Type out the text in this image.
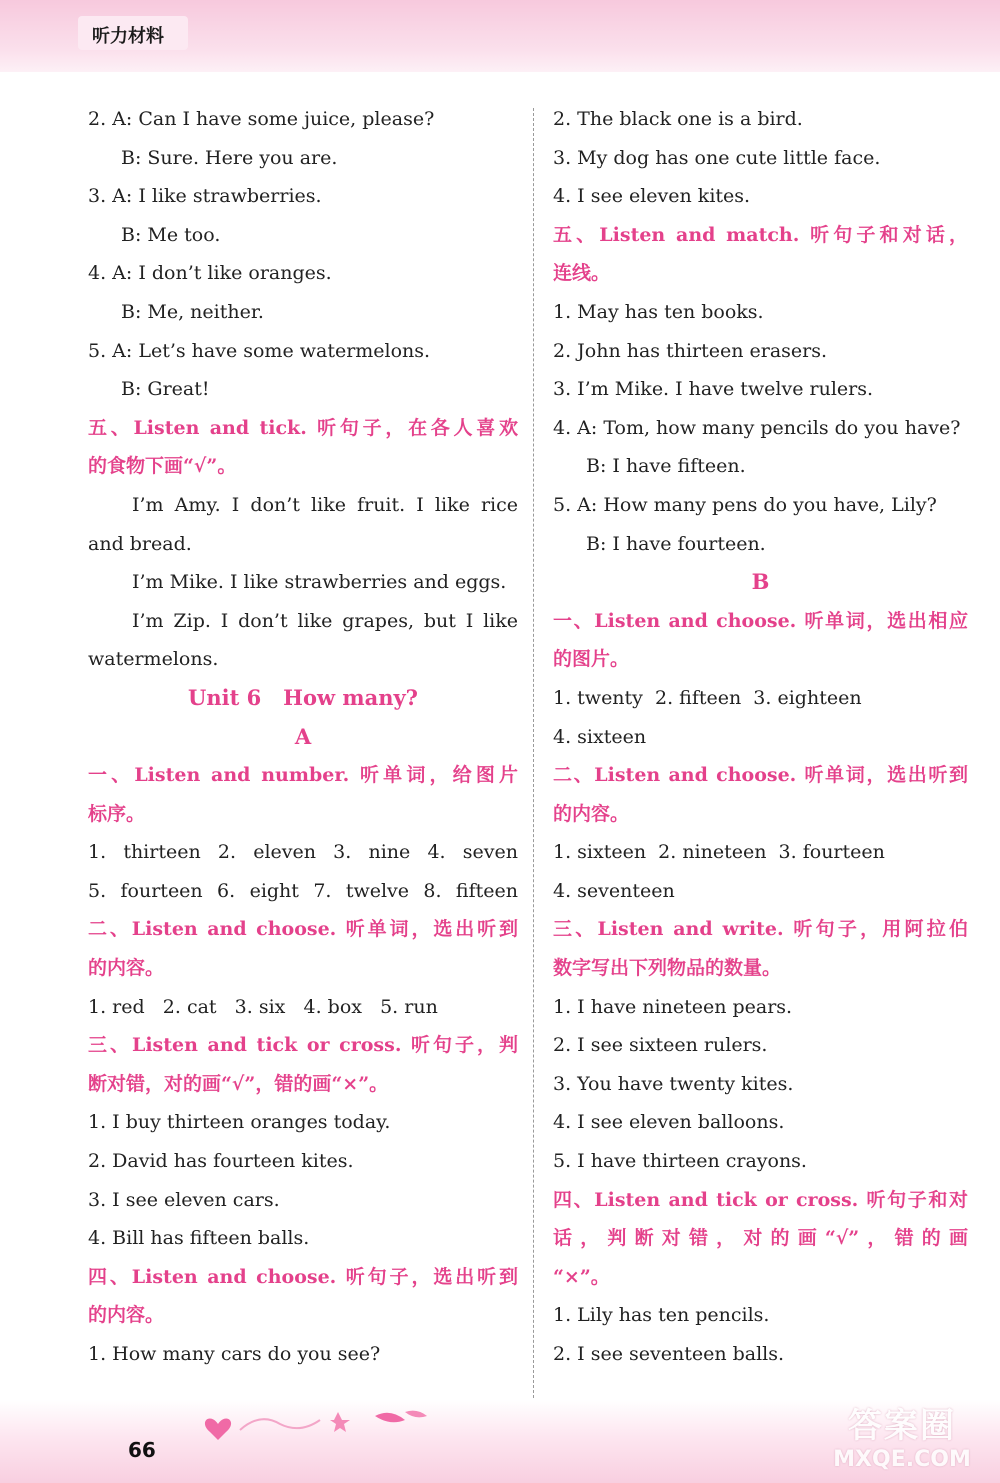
听力材料
2. A: Can I have some juice, please?
B: Sure. Here you are.
3. A: I like strawberries.
B: Me too.
4. A: I don’t like oranges.
B: Me, neither.
5. A: Let’s have some watermelons.
B: Great!
五、Listen and tick. 听句子，在各人喜欢
的食物下画“√”。
I’m Amy. I don’t like fruit. I like rice
and bread.
I’m Mike. I like strawberries and eggs.
I’m Zip. I don’t like grapes, but I like
watermelons.
Unit 6   How many?
A
一、Listen and number. 听单词，给图片
标序。
1. thirteen 2. eleven 3. nine 4. seven
5. fourteen 6. eight 7. twelve 8. fifteen
二、Listen and choose. 听单词，选出听到
的内容。
1. red   2. cat   3. six   4. box   5. run
三、Listen and tick or cross. 听句子，判
断对错，对的画“√”，错的画“×”。
1. I buy thirteen oranges today.
2. David has fourteen kites.
3. I see eleven cars.
4. Bill has fifteen balls.
四、Listen and choose. 听句子，选出听到
的内容。
1. How many cars do you see?
2. The black one is a bird.
3. My dog has one cute little face.
4. I see eleven kites.
五、Listen and match. 听句子和对话，
连线。
1. May has ten books.
2. John has thirteen erasers.
3. I’m Mike. I have twelve rulers.
4. A: Tom, how many pencils do you have?
B: I have fifteen.
5. A: How many pens do you have, Lily?
B: I have fourteen.
B
一、Listen and choose. 听单词，选出相应
的图片。
1. twenty  2. fifteen  3. eighteen
4. sixteen
二、Listen and choose. 听单词，选出听到
的内容。
1. sixteen  2. nineteen  3. fourteen
4. seventeen
三、Listen and write. 听句子，用阿拉伯
数字写出下列物品的数量。
1. I have nineteen pears.
2. I see sixteen rulers.
3. You have twenty kites.
4. I see eleven balloons.
5. I have thirteen crayons.
四、Listen and tick or cross. 听句子和对
话，判断对错，对的画“√”，错的画
“×”。
1. Lily has ten pencils.
2. I see seventeen balls.
66
答案圈
MXQE.COM
